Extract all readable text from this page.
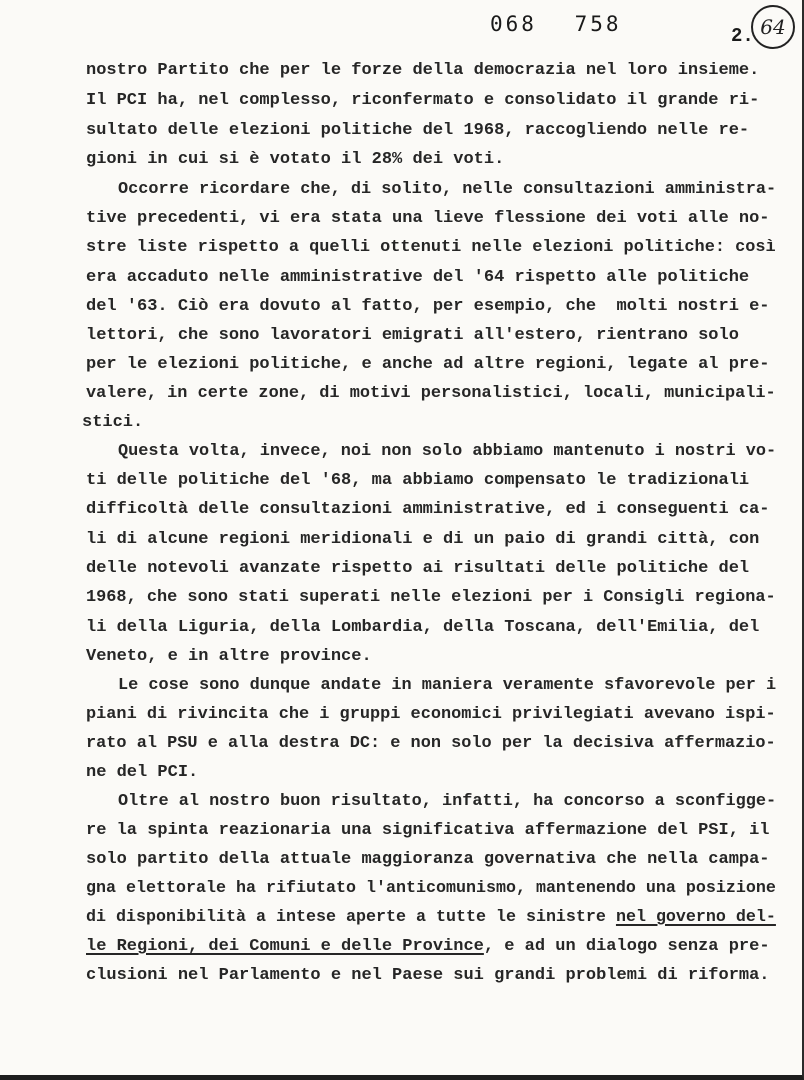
068 758	2. 64

nostro Partito che per le forze della democrazia nel loro insieme.

Il PCI ha, nel complesso, riconfermato e consolidato il grande ri-

sultato delle elezioni politiche del 1968, raccogliendo nelle re-

gioni in cui si è votato il 28% dei voti.

Occorre ricordare che, di solito, nelle consultazioni amministra-

tive precedenti, vi era stata una lieve flessione dei voti alle no-

stre liste rispetto a quelli ottenuti nelle elezioni politiche: così

era accaduto nelle amministrative del '64 rispetto alle politiche

del '63. Ciò era dovuto al fatto, per esempio, che  molti nostri e-

lettori, che sono lavoratori emigrati all'estero, rientrano solo

per le elezioni politiche, e anche ad altre regioni, legate al pre-

valere, in certe zone, di motivi personalistici, locali, municipali-

stici.

Questa volta, invece, noi non solo abbiamo mantenuto i nostri vo-

ti delle politiche del '68, ma abbiamo compensato le tradizionali

difficoltà delle consultazioni amministrative, ed i conseguenti ca-

li di alcune regioni meridionali e di un paio di grandi città, con

delle notevoli avanzate rispetto ai risultati delle politiche del

1968, che sono stati superati nelle elezioni per i Consigli regiona-

li della Liguria, della Lombardia, della Toscana, dell'Emilia, del

Veneto, e in altre province.

Le cose sono dunque andate in maniera veramente sfavorevole per i

piani di rivincita che i gruppi economici privilegiati avevano ispi-

rato al PSU e alla destra DC: e non solo per la decisiva affermazio-

ne del PCI.

Oltre al nostro buon risultato, infatti, ha concorso a sconfigge-

re la spinta reazionaria una significativa affermazione del PSI, il

solo partito della attuale maggioranza governativa che nella campa-

gna elettorale ha rifiutato l'anticomunismo, mantenendo una posizione

di disponibilità a intese aperte a tutte le sinistre nel governo del-

le Regioni, dei Comuni e delle Province, e ad un dialogo senza pre-

clusioni nel Parlamento e nel Paese sui grandi problemi di riforma.
